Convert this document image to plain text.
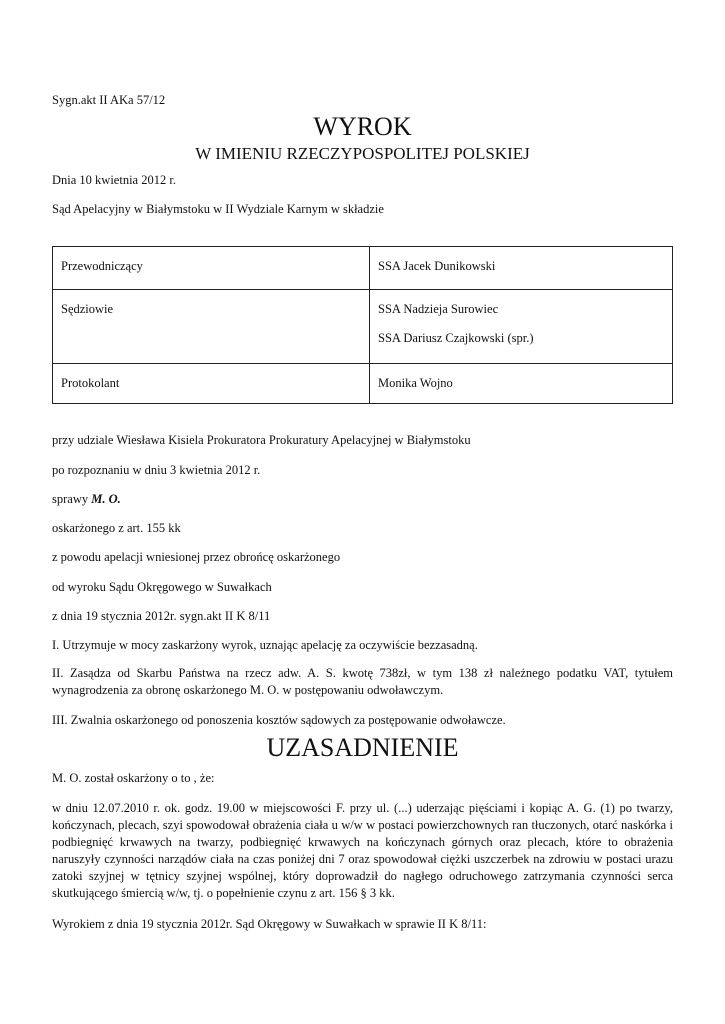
Sygn.akt II AKa 57/12
WYROK
W IMIENIU RZECZYPOSPOLITEJ POLSKIEJ
Dnia 10 kwietnia 2012 r.
Sąd Apelacyjny w Białymstoku w II Wydziale Karnym w składzie
Przewodniczący	SSA Jacek Dunikowski
Sędziowie	SSA Nadzieja Surowiec
SSA Dariusz Czajkowski (spr.)

Protokolant	Monika Wojno
przy udziale Wiesława Kisiela Prokuratora Prokuratury Apelacyjnej w Białymstoku
po rozpoznaniu w dniu 3 kwietnia 2012 r.
sprawy M. O.
oskarżonego z art. 155 kk
z powodu apelacji wniesionej przez obrońcę oskarżonego
od wyroku Sądu Okręgowego w Suwałkach
z dnia 19 stycznia 2012r. sygn.akt II K 8/11
I. Utrzymuje w mocy zaskarżony wyrok, uznając apelację za oczywiście bezzasadną.
II. Zasądza od Skarbu Państwa na rzecz adw. A. S. kwotę 738zł, w tym 138 zł należnego podatku VAT, tytułem wynagrodzenia za obronę oskarżonego M. O. w postępowaniu odwoławczym.
III. Zwalnia oskarżonego od ponoszenia kosztów sądowych za postępowanie odwoławcze.
UZASADNIENIE
M. O. został oskarżony o to , że:
w dniu 12.07.2010 r. ok. godz. 19.00 w miejscowości F. przy ul. (...) uderzając pięściami i kopiąc A. G. (1) po twarzy, kończynach, plecach, szyi spowodował obrażenia ciała u w/w w postaci powierzchownych ran tłuczonych, otarć naskórka i podbiegnięć krwawych na twarzy, podbiegnięć krwawych na kończynach górnych oraz plecach, które to obrażenia naruszyły czynności narządów ciała na czas poniżej dni 7 oraz spowodował ciężki uszczerbek na zdrowiu w postaci urazu zatoki szyjnej w tętnicy szyjnej wspólnej, który doprowadził do nagłego odruchowego zatrzymania czynności serca skutkującego śmiercią w/w, tj. o popełnienie czynu z art. 156 § 3 kk.
Wyrokiem z dnia 19 stycznia 2012r. Sąd Okręgowy w Suwałkach w sprawie II K 8/11:
